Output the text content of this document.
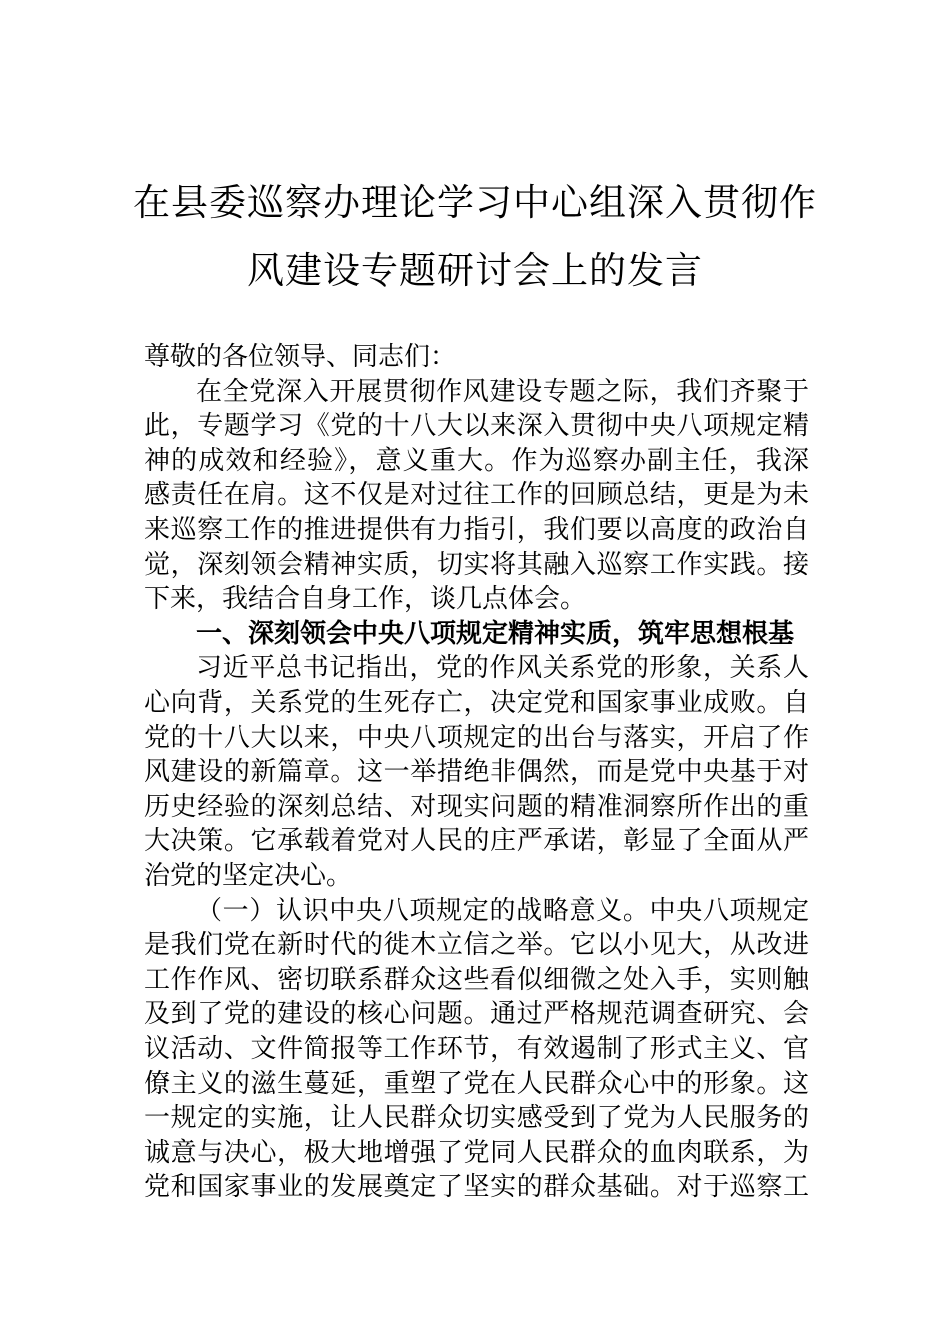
在县委巡察办理论学习中心组深入贯彻作
风建设专题研讨会上的发言
尊敬的各位领导、同志们：
在全党深入开展贯彻作风建设专题之际，我们齐聚于
此，专题学习《党的十八大以来深入贯彻中央八项规定精
神的成效和经验》，意义重大。作为巡察办副主任，我深
感责任在肩。这不仅是对过往工作的回顾总结，更是为未
来巡察工作的推进提供有力指引，我们要以高度的政治自
觉，深刻领会精神实质，切实将其融入巡察工作实践。接
下来，我结合自身工作，谈几点体会。
一、深刻领会中央八项规定精神实质，筑牢思想根基
习近平总书记指出，党的作风关系党的形象，关系人
心向背，关系党的生死存亡，决定党和国家事业成败。自
党的十八大以来，中央八项规定的出台与落实，开启了作
风建设的新篇章。这一举措绝非偶然，而是党中央基于对
历史经验的深刻总结、对现实问题的精准洞察所作出的重
大决策。它承载着党对人民的庄严承诺，彰显了全面从严
治党的坚定决心。
（一）认识中央八项规定的战略意义。中央八项规定
是我们党在新时代的徙木立信之举。它以小见大，从改进
工作作风、密切联系群众这些看似细微之处入手，实则触
及到了党的建设的核心问题。通过严格规范调查研究、会
议活动、文件简报等工作环节，有效遏制了形式主义、官
僚主义的滋生蔓延，重塑了党在人民群众心中的形象。这
一规定的实施，让人民群众切实感受到了党为人民服务的
诚意与决心，极大地增强了党同人民群众的血肉联系，为
党和国家事业的发展奠定了坚实的群众基础。对于巡察工
